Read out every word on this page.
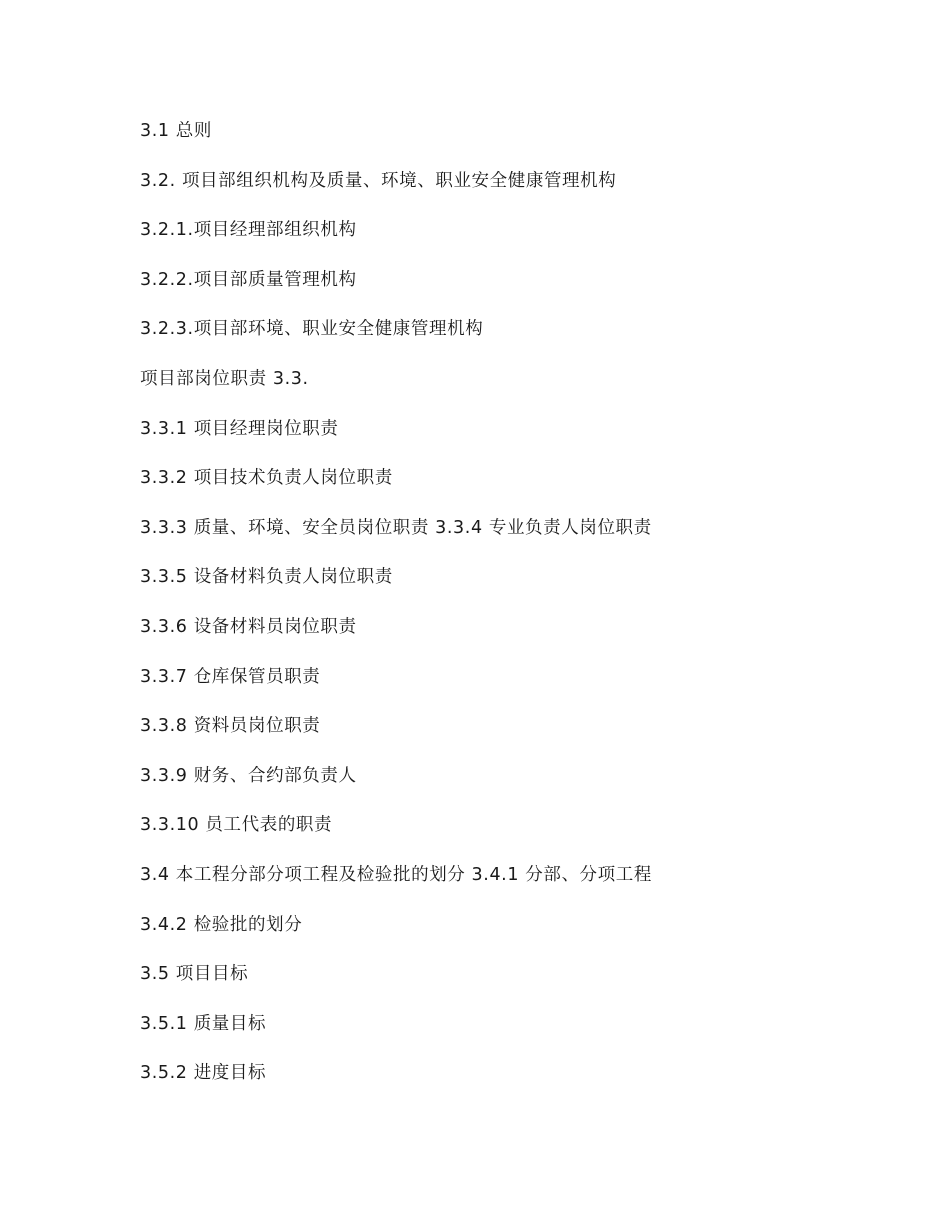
3.1 总则
3.2. 项目部组织机构及质量、环境、职业安全健康管理机构
3.2.1.项目经理部组织机构
3.2.2.项目部质量管理机构
3.2.3.项目部环境、职业安全健康管理机构
项目部岗位职责 3.3.
3.3.1 项目经理岗位职责
3.3.2 项目技术负责人岗位职责
3.3.3 质量、环境、安全员岗位职责 3.3.4 专业负责人岗位职责
3.3.5 设备材料负责人岗位职责
3.3.6 设备材料员岗位职责
3.3.7 仓库保管员职责
3.3.8 资料员岗位职责
3.3.9 财务、合约部负责人
3.3.10 员工代表的职责
3.4 本工程分部分项工程及检验批的划分 3.4.1 分部、分项工程
3.4.2 检验批的划分
3.5 项目目标
3.5.1 质量目标
3.5.2 进度目标
